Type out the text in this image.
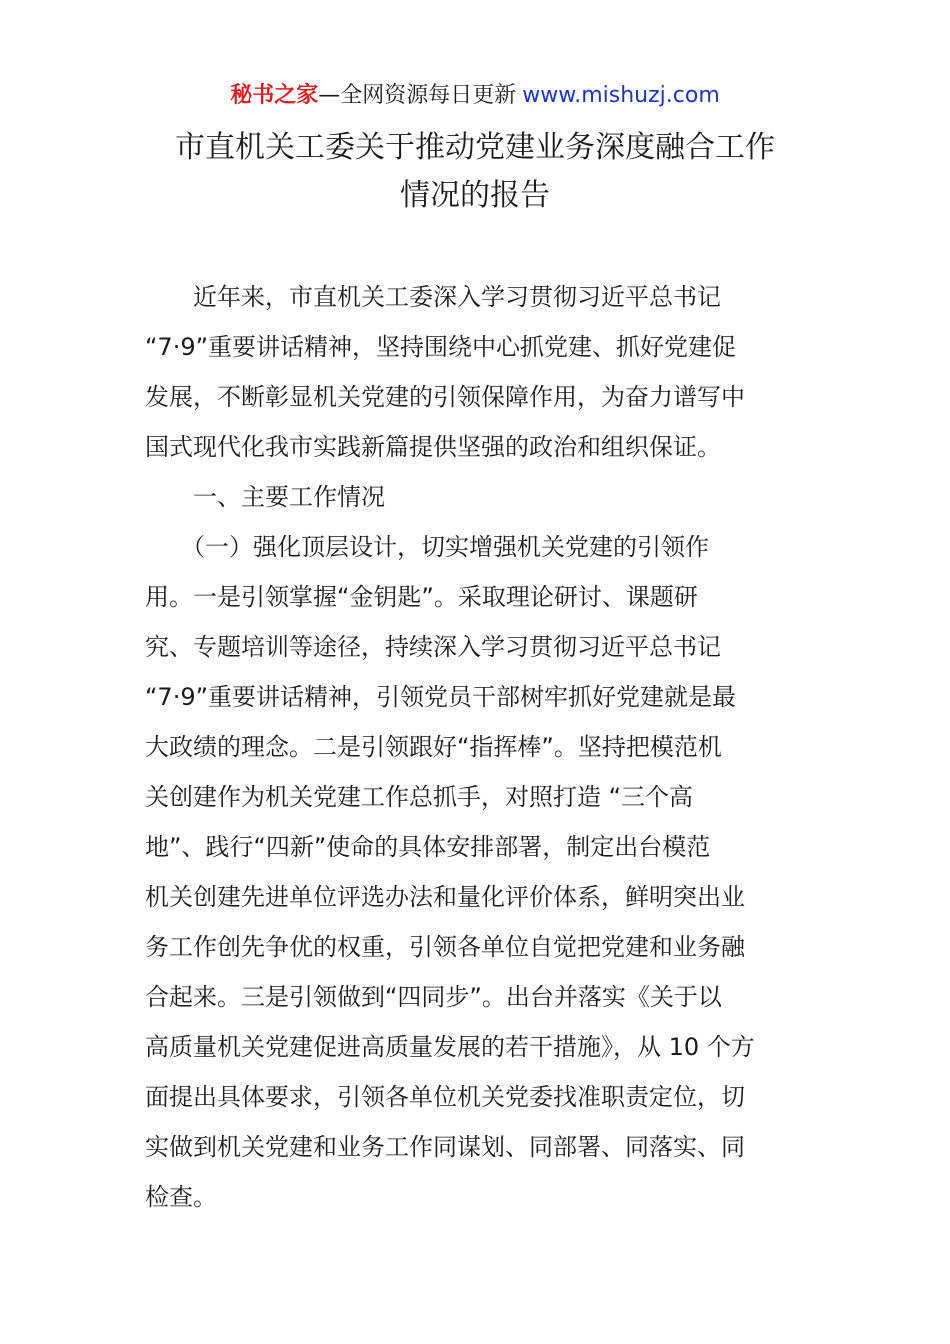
秘书之家—全网资源每日更新 www.mishuzj.com
市直机关工委关于推动党建业务深度融合工作
情况的报告
　　近年来，市直机关工委深入学习贯彻习近平总书记
“7·9”重要讲话精神，坚持围绕中心抓党建、抓好党建促
发展，不断彰显机关党建的引领保障作用，为奋力谱写中
国式现代化我市实践新篇提供坚强的政治和组织保证。
　　一、主要工作情况
　　（一）强化顶层设计，切实增强机关党建的引领作
用。一是引领掌握“金钥匙”。采取理论研讨、课题研
究、专题培训等途径，持续深入学习贯彻习近平总书记
“7·9”重要讲话精神，引领党员干部树牢抓好党建就是最
大政绩的理念。二是引领跟好“指挥棒”。坚持把模范机
关创建作为机关党建工作总抓手，对照打造 “三个高
地”、践行“四新”使命的具体安排部署，制定出台模范
机关创建先进单位评选办法和量化评价体系，鲜明突出业
务工作创先争优的权重，引领各单位自觉把党建和业务融
合起来。三是引领做到“四同步”。出台并落实《关于以
高质量机关党建促进高质量发展的若干措施》，从 10 个方
面提出具体要求，引领各单位机关党委找准职责定位，切
实做到机关党建和业务工作同谋划、同部署、同落实、同
检查。
